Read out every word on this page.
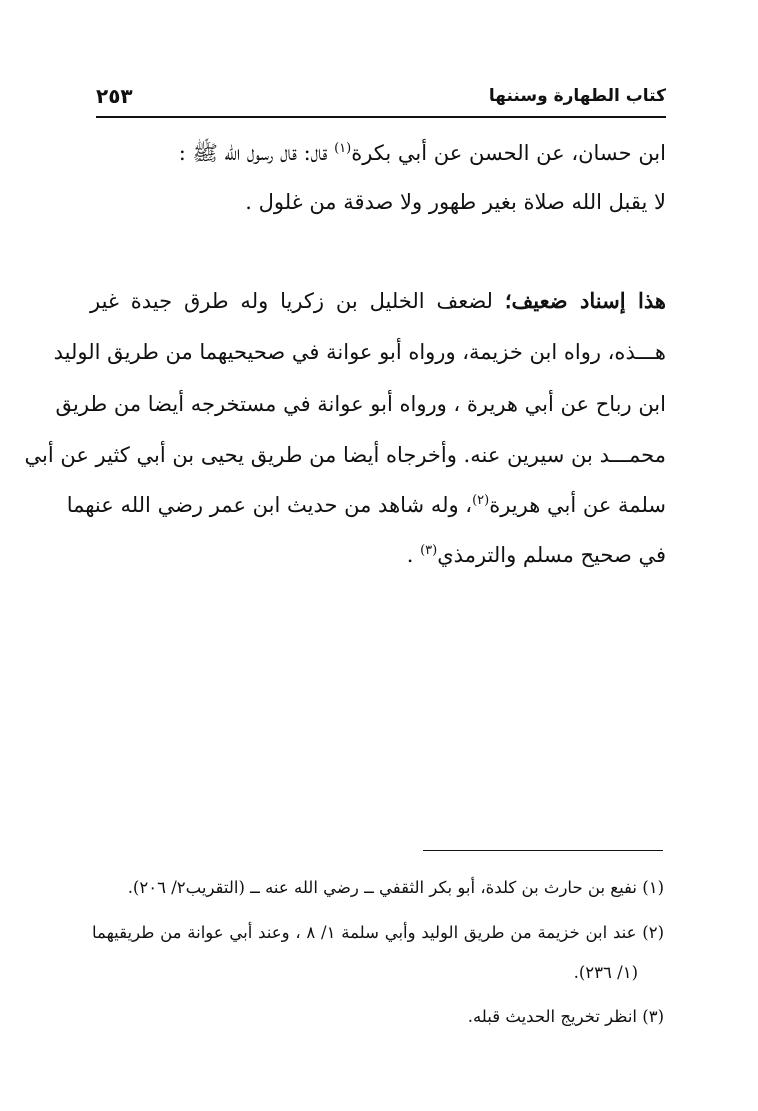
كتاب الطهارة وسننها
٢٥٣
ابن حسان، عن الحسن عن أبي بكرة$^{(١)}$ قال: قال رسول الله ﷺ :
لا يقبل الله صلاة بغير طهور ولا صدقة من غلول .
هذا إسناد ضعيف؛ لضعف الخليل بن زكريا وله طرق جيدة غير
هـــذه، رواه ابن خزيمة، ورواه أبو عوانة في صحيحيهما من طريق الوليد
ابن رباح عن أبي هريرة ، ورواه أبو عوانة في مستخرجه أيضا من طريق
محمـــد بن سيرين عنه. وأخرجاه أيضا من طريق يحيى بن أبي كثير عن أبي
سلمة عن أبي هريرة$^{(٢)}$، وله شاهد من حديث ابن عمر رضي الله عنهما
في صحيح مسلم والترمذي$^{(٣)}$ .
(١) نفيع بن حارث بن كلدة، أبو بكر الثقفي ــ رضي الله عنه ــ (التقريب٢/ ٢٠٦).
(٢) عند ابن خزيمة من طريق الوليد وأبي سلمة ١/ ٨ ، وعند أبي عوانة من طريقيهما
(١/ ٢٣٦).
(٣) انظر تخريج الحديث قبله.
